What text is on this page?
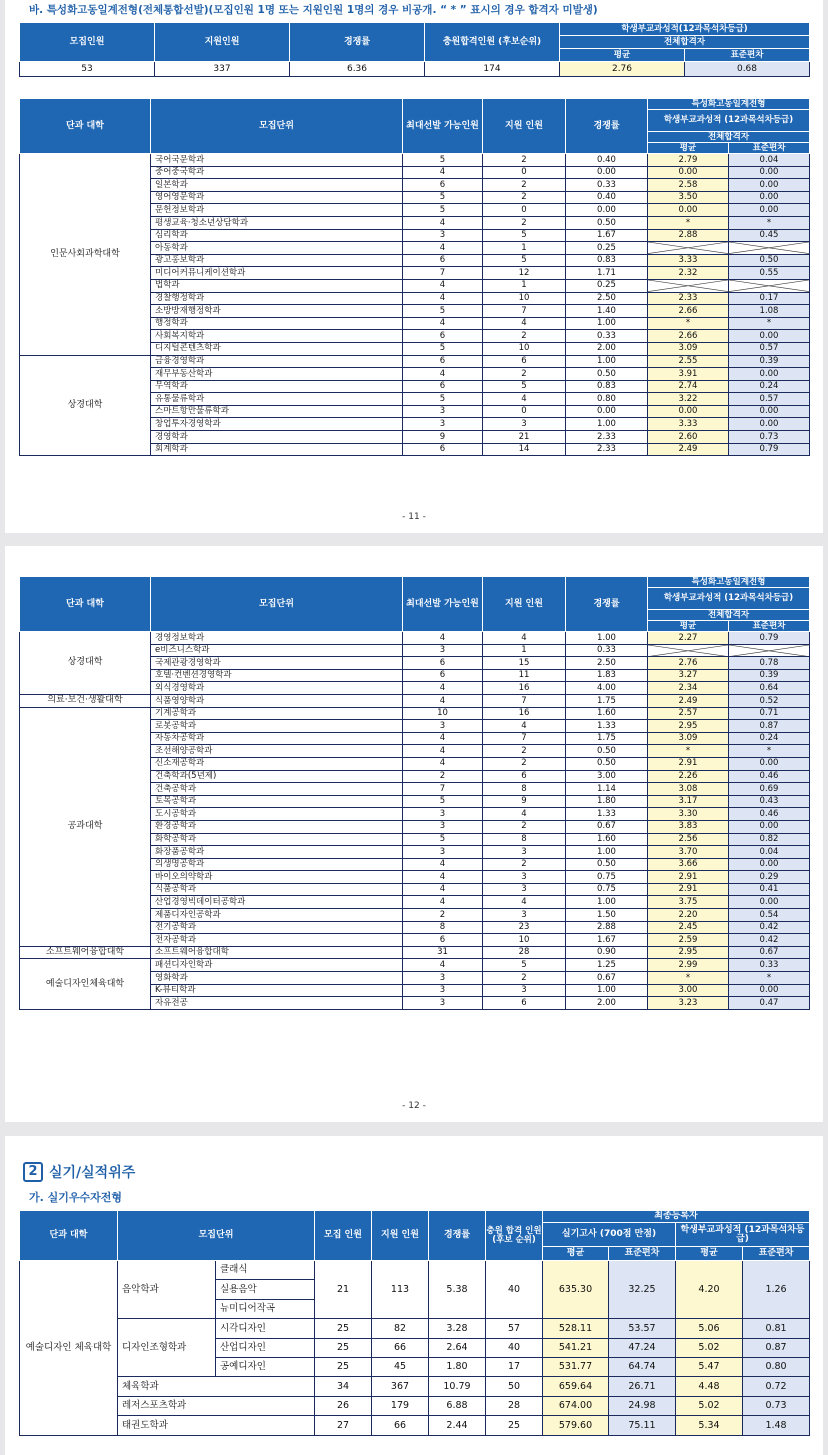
바. 특성화고동일계전형(전체통합선발)(모집인원 1명 또는 지원인원 1명의 경우 비공개. “ * ” 표시의 경우 합격자 미발생)
모집인원	지원인원	경쟁률	충원합격인원 (후보순위)	학생부교과성적(12과목석차등급)	
				전체합격자	
				평균	표준편차
53	337	6.36	174	2.76	0.68
단과 대학	모집단위	최대선발 가능인원	지원 인원	경쟁률	특성화고동일계전형	
					학생부교과성적 (12과목석차등급)	
					전체합격자	
					평균	표준편차
인문사회과학대학	국어국문학과	5	2	0.40	2.79	0.04
	중어중국학과	4	0	0.00	0.00	0.00
	일본학과	6	2	0.33	2.58	0.00
	영어영문학과	5	2	0.40	3.50	0.00
	문헌정보학과	5	0	0.00	0.00	0.00
	평생교육·청소년상담학과	4	2	0.50	*	*
	심리학과	3	5	1.67	2.88	0.45
	아동학과	4	1	0.25	

	광고홍보학과	6	5	0.83	3.33	0.50
	미디어커뮤니케이션학과	7	12	1.71	2.32	0.55
	법학과	4	1	0.25	

	경찰행정학과	4	10	2.50	2.33	0.17
	소방방재행정학과	5	7	1.40	2.66	1.08
	행정학과	4	4	1.00	*	*
	사회복지학과	6	2	0.33	2.66	0.00
	디지털콘텐츠학과	5	10	2.00	3.09	0.57
상경대학	금융경영학과	6	6	1.00	2.55	0.39
	재무부동산학과	4	2	0.50	3.91	0.00
	무역학과	6	5	0.83	2.74	0.24
	유통물류학과	5	4	0.80	3.22	0.57
	스마트항만물류학과	3	0	0.00	0.00	0.00
	창업투자경영학과	3	3	1.00	3.33	0.00
	경영학과	9	21	2.33	2.60	0.73
	회계학과	6	14	2.33	2.49	0.79
- 11 -
단과 대학	모집단위	최대선발 가능인원	지원 인원	경쟁률	특성화고동일계전형	
					학생부교과성적 (12과목석차등급)	
					전체합격자	
					평균	표준편차
상경대학	경영정보학과	4	4	1.00	2.27	0.79
	e비즈니스학과	3	1	0.33	

	국제관광경영학과	6	15	2.50	2.76	0.78
	호텔·컨벤션경영학과	6	11	1.83	3.27	0.39
	외식경영학과	4	16	4.00	2.34	0.64
의료·보건·생활대학	식품영양학과	4	7	1.75	2.49	0.52
공과대학	기계공학과	10	16	1.60	2.57	0.71
	로봇공학과	3	4	1.33	2.95	0.87
	자동차공학과	4	7	1.75	3.09	0.24
	조선해양공학과	4	2	0.50	*	*
	신소재공학과	4	2	0.50	2.91	0.00
	건축학과(5년제)	2	6	3.00	2.26	0.46
	건축공학과	7	8	1.14	3.08	0.69
	토목공학과	5	9	1.80	3.17	0.43
	도시공학과	3	4	1.33	3.30	0.46
	환경공학과	3	2	0.67	3.83	0.00
	화학공학과	5	8	1.60	2.56	0.82
	화장품공학과	3	3	1.00	3.70	0.04
	의생명공학과	4	2	0.50	3.66	0.00
	바이오의약학과	4	3	0.75	2.91	0.29
	식품공학과	4	3	0.75	2.91	0.41
	산업경영빅데이터공학과	4	4	1.00	3.75	0.00
	제품디자인공학과	2	3	1.50	2.20	0.54
	전기공학과	8	23	2.88	2.45	0.42
	전자공학과	6	10	1.67	2.59	0.42
소프트웨어융합대학	소프트웨어융합대학	31	28	0.90	2.95	0.67
예술디자인체육대학	패션디자인학과	4	5	1.25	2.99	0.33
	영화학과	3	2	0.67	*	*
	K-뷰티학과	3	3	1.00	3.00	0.00
	자유전공	3	6	2.00	3.23	0.47
- 12 -
2 실기/실적위주
가. 실기우수자전형
단과 대학	모집단위		모집 인원	지원 인원	경쟁률	충원 합격 인원 (후보 순위)	최종등록자			
							실기고사 (700점 만점)		학생부교과성적 (12과목석차등급)	
							평균	표준편차	평균	표준편차
예술디자인 체육대학	음악학과	클래식	21	113	5.38	40	635.30	32.25	4.20	1.26
		실용음악								
		뉴미디어작곡								
	디자인조형학과	시각디자인	25	82	3.28	57	528.11	53.57	5.06	0.81
		산업디자인	25	66	2.64	40	541.21	47.24	5.02	0.87
		공예디자인	25	45	1.80	17	531.77	64.74	5.47	0.80
	체육학과		34	367	10.79	50	659.64	26.71	4.48	0.72
	레저스포츠학과		26	179	6.88	28	674.00	24.98	5.02	0.73
	태권도학과		27	66	2.44	25	579.60	75.11	5.34	1.48
